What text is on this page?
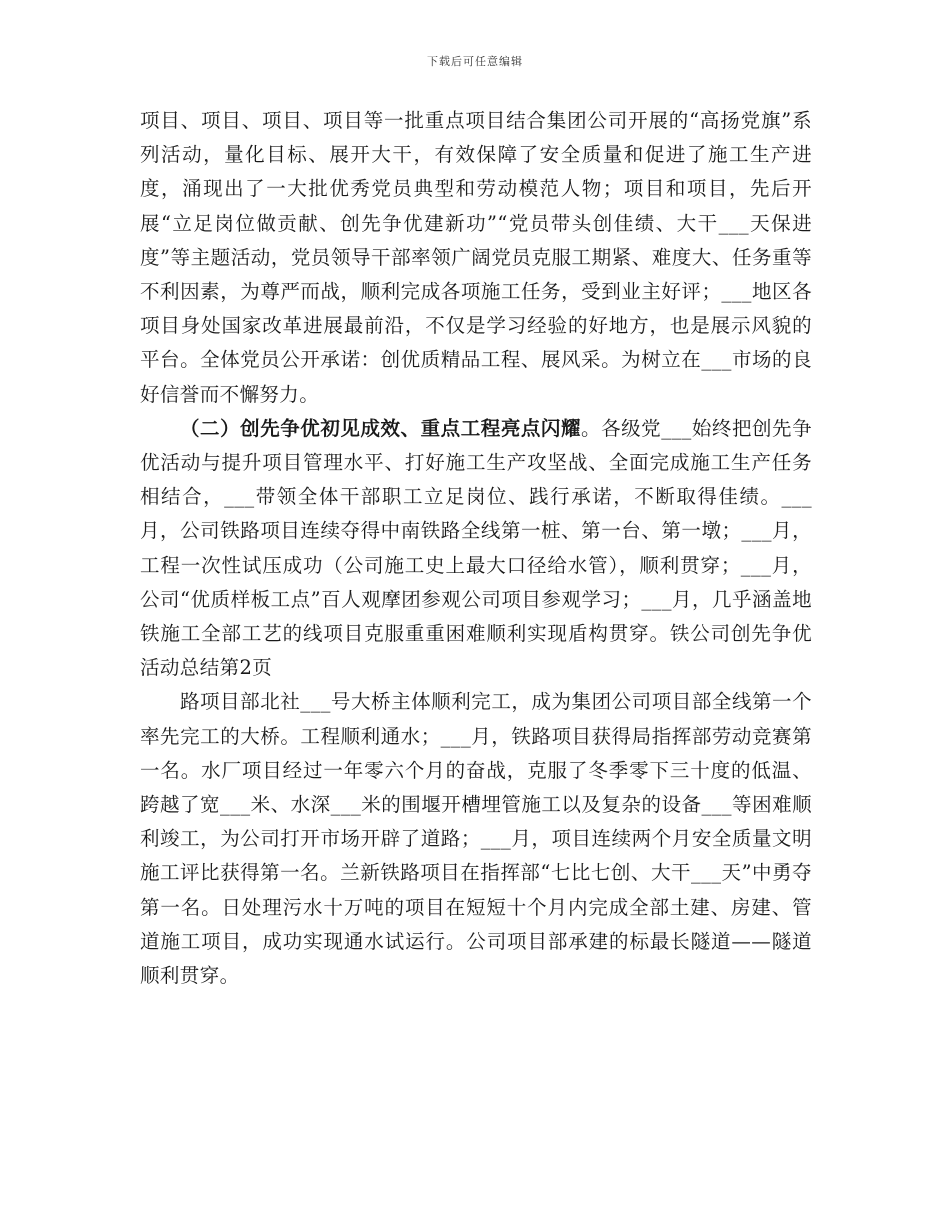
下载后可任意编辑

项目、项目、项目、项目等一批重点项目结合集团公司开展的“高扬党旗”系列活动，量化目标、展开大干，有效保障了安全质量和促进了施工生产进度，涌现出了一大批优秀党员典型和劳动模范人物；项目和项目，先后开展“立足岗位做贡献、创先争优建新功”“党员带头创佳绩、大干___天保进度”等主题活动，党员领导干部率领广阔党员克服工期紧、难度大、任务重等不利因素，为尊严而战，顺利完成各项施工任务，受到业主好评；___地区各项目身处国家改革进展最前沿，不仅是学习经验的好地方，也是展示风貌的平台。全体党员公开承诺：创优质精品工程、展风采。为树立在___市场的良好信誉而不懈努力。

（二）创先争优初见成效、重点工程亮点闪耀。各级党___始终把创先争优活动与提升项目管理水平、打好施工生产攻坚战、全面完成施工生产任务相结合，___带领全体干部职工立足岗位、践行承诺，不断取得佳绩。___月，公司铁路项目连续夺得中南铁路全线第一桩、第一台、第一墩；___月，工程一次性试压成功（公司施工史上最大口径给水管），顺利贯穿；___月，公司“优质样板工点”百人观摩团参观公司项目参观学习；___月，几乎涵盖地铁施工全部工艺的线项目克服重重困难顺利实现盾构贯穿。铁公司创先争优活动总结第2页

路项目部北社___号大桥主体顺利完工，成为集团公司项目部全线第一个率先完工的大桥。工程顺利通水；___月，铁路项目获得局指挥部劳动竞赛第一名。水厂项目经过一年零六个月的奋战，克服了冬季零下三十度的低温、跨越了宽___米、水深___米的围堰开槽埋管施工以及复杂的设备___等困难顺利竣工，为公司打开市场开辟了道路；___月，项目连续两个月安全质量文明施工评比获得第一名。兰新铁路项目在指挥部“七比七创、大干___天”中勇夺第一名。日处理污水十万吨的项目在短短十个月内完成全部土建、房建、管道施工项目，成功实现通水试运行。公司项目部承建的标最长隧道——隧道顺利贯穿。
